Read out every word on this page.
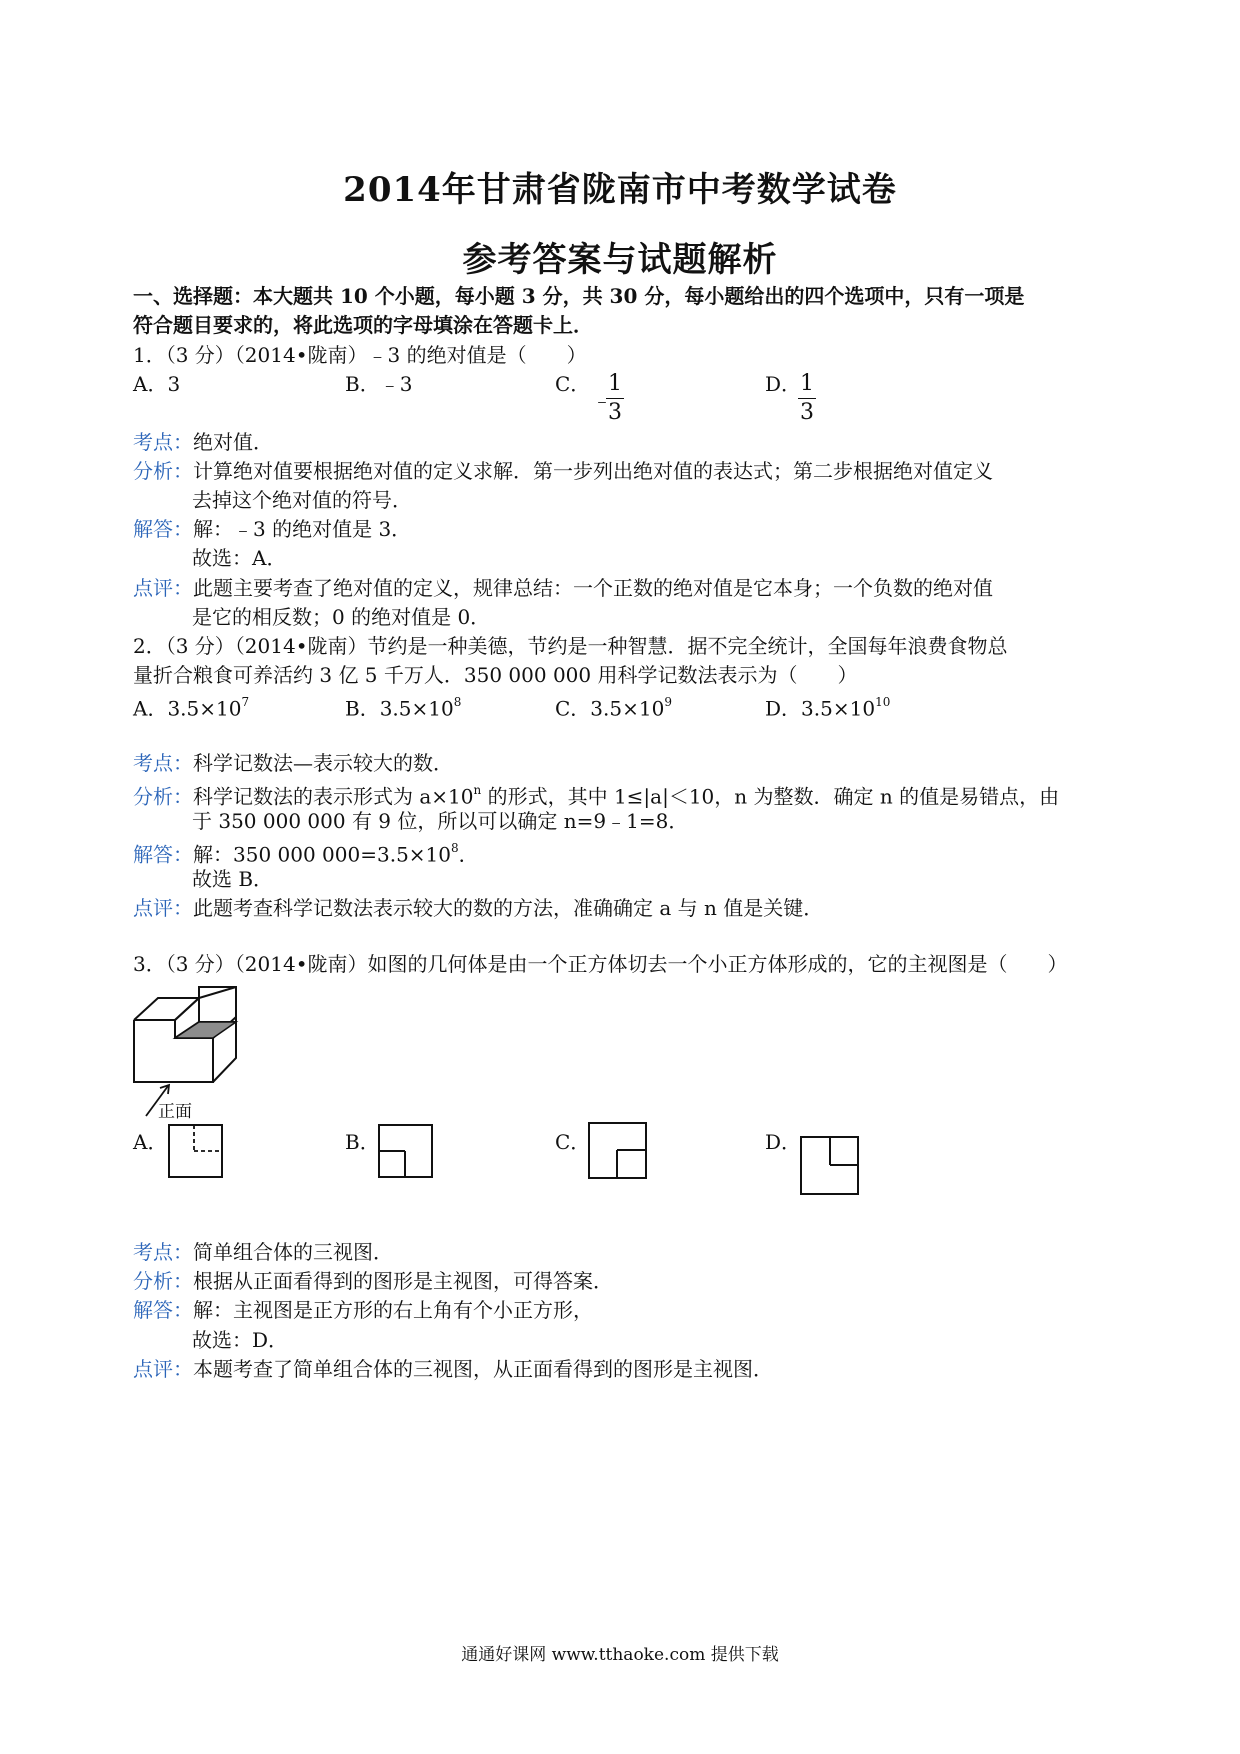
2014年甘肃省陇南市中考数学试卷
参考答案与试题解析
一、选择题：本大题共 10 个小题，每小题 3 分，共 30 分，每小题给出的四个选项中，只有一项是
符合题目要求的，将此选项的字母填涂在答题卡上．
1．（3 分）（2014•陇南）﹣3 的绝对值是（　　）
A．3	B．﹣3	C．
﹣
$\frac{1}{3}$	D．
$\frac{1}{3}$
考点：绝对值．
分析：计算绝对值要根据绝对值的定义求解．第一步列出绝对值的表达式；第二步根据绝对值定义
去掉这个绝对值的符号．
解答：解：﹣3 的绝对值是 3．
故选：A．
点评：此题主要考查了绝对值的定义，规律总结：一个正数的绝对值是它本身；一个负数的绝对值
是它的相反数；0 的绝对值是 0．
2．（3 分）（2014•陇南）节约是一种美德，节约是一种智慧．据不完全统计，全国每年浪费食物总
量折合粮食可养活约 3 亿 5 千万人．350 000 000 用科学记数法表示为（　　）
A．$3.5\times 10^7$	B．$3.5\times 10^8$	C．$3.5\times 10^9$	D．$3.5\times 10^{10}$
考点：科学记数法—表示较大的数．
分析：科学记数法的表示形式为 $a\times 10^n$ 的形式，其中 1≤|a|＜10，n 为整数．确定 n 的值是易错点，由
于 350 000 000 有 9 位，所以可以确定 n=9﹣1=8．
解答：解：350 000 $000=3.5\times 10^8$．
故选 B．
点评：此题考查科学记数法表示较大的数的方法，准确确定 a 与 n 值是关键．
3．（3 分）（2014•陇南）如图的几何体是由一个正方体切去一个小正方体形成的，它的主视图是（　　）
正面
A．	B．	C．	D．
考点：简单组合体的三视图．
分析：根据从正面看得到的图形是主视图，可得答案．
解答：解：主视图是正方形的右上角有个小正方形，
故选：D．
点评：本题考查了简单组合体的三视图，从正面看得到的图形是主视图．
通通好课网 www.tthaoke.com 提供下载
